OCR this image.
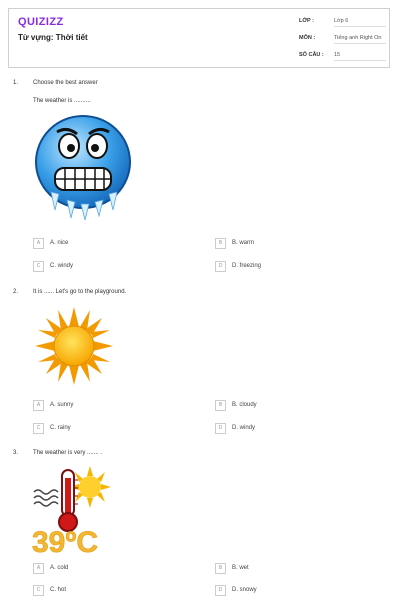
QUIZIZZ
Từ vựng: Thời tiết
LỚP :	Lớp 6
MÔN :	Tiếng anh Right On
SỐ CÂU : 15
1. Choose the best answer
The weather is ..........
A	A. nice	B	B. warm
C	C. windy	D	D. freezing
2. It is ...... Let's go to the playground.
A	A. sunny	B	B. cloudy
C	C. rainy	D	D. windy
3. The weather is very ....... .
39ºC
A	A. cold	B	B. wet
C	C. hot	D	D. snowy
